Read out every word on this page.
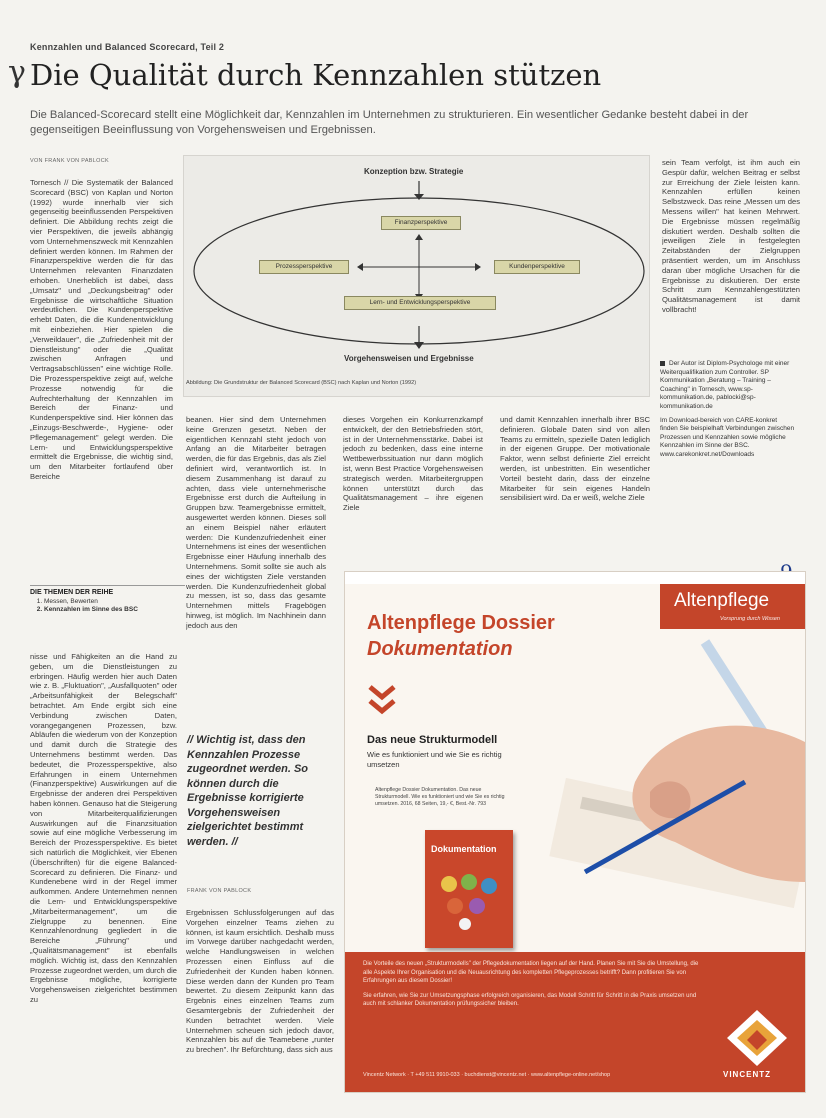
Kennzahlen und Balanced Scorecard, Teil 2
γ Die Qualität durch Kennzahlen stützen
Die Balanced-Scorecard stellt eine Möglichkeit dar, Kennzahlen im Unternehmen zu strukturieren. Ein wesentlicher Gedanke besteht dabei in der gegenseitigen Beeinflussung von Vorgehensweisen und Ergebnissen.
VON FRANK VON PABLOCK
Tornesch // Die Systematik der Balanced Scorecard (BSC) von Kaplan und Norton (1992) wurde innerhalb vier sich gegenseitig beeinflussenden Perspektiven definiert. Die Abbildung rechts zeigt die vier Perspektiven, die jeweils abhängig vom Unternehmenszweck mit Kennzahlen definiert werden können. Im Rahmen der Finanzperspektive werden die für das Unternehmen relevanten Finanzdaten erhoben. Unerheblich ist dabei, dass „Umsatz" und „Deckungsbeitrag" oder Ergebnisse die wirtschaftliche Situation verdeutlichen. Die Kundenperspektive erhebt Daten, die die Kundenentwicklung mit einbeziehen. Hier spielen die „Verweildauer", die „Zufriedenheit mit der Dienstleistung" oder die „Qualität zwischen Anfragen und Vertragsabschlüssen" eine wichtige Rolle. Die Prozessperspektive zeigt auf, welche Prozesse notwendig für die Aufrechterhaltung der Kennzahlen im Bereich der Finanz- und Kundenperspektive sind. Hier können das „Einzugs-Beschwerde-, Hygiene- oder Pflegemanagement" gelegt werden. Die Lern- und Entwicklungsperspektive ermittelt die Ergebnisse, die wichtig sind, um den Mitarbeiter fortlaufend über Bereiche
Konzeption bzw. Strategie
Finanzperspektive
Prozessperspektive	Kundenperspektive
Lern- und Entwicklungsperspektive
Vorgehensweisen und Ergebnisse
Abbildung: Die Grundstruktur der Balanced Scorecard (BSC) nach Kaplan und Norton (1992)
beanen. Hier sind dem Unternehmen keine Grenzen gesetzt. Neben der eigentlichen Kennzahl steht jedoch von Anfang an die Mitarbeiter betragen werden, die für das Ergebnis, das als Ziel definiert wird, verantwortlich ist. In diesem Zusammenhang ist darauf zu achten, dass viele unternehmerische Ergebnisse erst durch die Aufteilung in Gruppen bzw. Teamergebnisse ermittelt, ausgewertet werden können. Dieses soll an einem Beispiel näher erläutert werden: Die Kundenzufriedenheit einer Unternehmens ist eines der wesentlichen Ergebnisse einer Häufung innerhalb des Unternehmens. Somit sollte sie auch als eines der wichtigsten Ziele verstanden werden. Die Kundenzufriedenheit global zu messen, ist so, dass das gesamte Unternehmen mittels Fragebögen hinweg, ist möglich. Im Nachhinein dann jedoch aus den
dieses Vorgehen ein Konkurrenzkampf entwickelt, der den Betriebsfrieden stört, ist in der Unternehmensstärke. Dabei ist jedoch zu bedenken, dass eine interne Wettbewerbssituation nur dann möglich ist, wenn Best Practice Vorgehensweisen strategisch werden. Mitarbeitergruppen können unterstützt durch das Qualitätsmanagement – ihre eigenen Ziele
und damit Kennzahlen innerhalb ihrer BSC definieren. Globale Daten sind von allen Teams zu ermitteln, spezielle Daten lediglich in der eigenen Gruppe. Der motivationale Faktor, wenn selbst definierte Ziel erreicht werden, ist unbestritten. Ein wesentlicher Vorteil besteht darin, dass der einzelne Mitarbeiter für sein eigenes Handeln sensibilisiert wird. Da er weiß, welche Ziele
sein Team verfolgt, ist ihm auch ein Gespür dafür, welchen Beitrag er selbst zur Erreichung der Ziele leisten kann. Kennzahlen erfüllen keinen Selbstzweck. Das reine „Messen um des Messens willen" hat keinen Mehrwert. Die Ergebnisse müssen regelmäßig diskutiert werden. Deshalb sollten die jeweiligen Ziele in festgelegten Zeitabständen der Zielgruppen präsentiert werden, um im Anschluss daran über mögliche Ursachen für die Ergebnisse zu diskutieren. Der erste Schritt zum Kennzahlengestützten Qualitätsmanagement ist damit vollbracht!

Der Autor ist Diplom-Psychologe mit einer Weiterqualifikation zum Controller. SP Kommunikation „Beratung – Training – Coaching" in Tornesch, www.sp-kommunikation.de, pablocki@sp-kommunikation.de

Im Download-bereich von CARE-konkret finden Sie beispielhaft Verbindungen zwischen Prozessen und Kennzahlen sowie mögliche Kennzahlen im Sinne der BSC. www.carekonkret.net/Downloads

DIE THEMEN DER REIHE
1. Messen, Bewerten
2. Kennzahlen im Sinne des BSC
nisse und Fähigkeiten an die Hand zu geben, um die Dienstleistungen zu erbringen. Häufig werden hier auch Daten wie z. B. „Fluktuation", „Ausfallquoten" oder „Arbeitsunfähigkeit der Belegschaft" betrachtet. Am Ende ergibt sich eine Verbindung zwischen Daten, vorangegangenen Prozessen, bzw. Abläufen die wiederum von der Konzeption und damit durch die Strategie des Unternehmens bestimmt werden. Das bedeutet, die Prozessperspektive, also Erfahrungen in einem Unternehmen (Finanzperspektive) Auswirkungen auf die Ergebnisse der anderen drei Perspektiven haben können. Genauso hat die Steigerung von Mitarbeiterqualifizierungen Auswirkungen auf die Finanzsituation sowie auf eine mögliche Verbesserung im Bereich der Prozessperspektive. Es bietet sich natürlich die Möglichkeit, vier Ebenen (Überschriften) für die eigene Balanced-Scorecard zu definieren. Die Finanz- und Kundenebene wird in der Regel immer aufkommen. Andere Unternehmen nennen die Lern- und Entwicklungsperspektive „Mitarbeitermanagement", um die Zielgruppe zu benennen. Eine Kennzahlenordnung gegliedert in die Bereiche „Führung" und „Qualitätsmanagement" ist ebenfalls möglich. Wichtig ist, dass den Kennzahlen Prozesse zugeordnet werden, um durch die Ergebnisse mögliche, korrigierte Vorgehensweisen zielgerichtet bestimmen zu
// Wichtig ist, dass den Kennzahlen Prozesse zugeordnet werden. So können durch die Ergebnisse korrigierte Vorgehensweisen zielgerichtet bestimmt werden. //
FRANK VON PABLOCK
Ergebnissen Schlussfolgerungen auf das Vorgehen einzelner Teams ziehen zu können, ist kaum ersichtlich. Deshalb muss im Vorwege darüber nachgedacht werden, welche Handlungsweisen in welchen Prozessen einen Einfluss auf die Zufriedenheit der Kunden haben können. Diese werden dann der Kunden pro Team bewertet. Zu diesem Zeitpunkt kann das Ergebnis eines einzelnen Teams zum Gesamtergebnis der Zufriedenheit der Kunden betrachtet werden. Viele Unternehmen scheuen sich jedoch davor, Kennzahlen bis auf die Teamebene „runter zu brechen". Ihr Befürchtung, dass sich aus
Altenpflege
Vorsprung durch Wissen
Altenpflege Dossier
Dokumentation
Das neue Strukturmodell
Wie es funktioniert und wie Sie es richtig umsetzen
Altenpflege Dossier Dokumentation. Das neue Strukturmodell. Wie es funktioniert und wie Sie es richtig umsetzen. 2016, 68 Seiten, 19,- €, Best.-Nr. 793
Dokumentation

Die Vorteile des neuen „Strukturmodells" der Pflegedokumentation liegen auf der Hand. Planen Sie mit Sie die Umstellung, die alle Aspekte Ihrer Organisation und die Neuausrichtung des kompletten Pflegeprozesses betrifft? Dann profitieren Sie von Erfahrungen aus diesem Dossier!

Sie erfahren, wie Sie zur Umsetzungsphase erfolgreich organisieren, das Modell Schritt für Schritt in die Praxis umsetzen und auch mit schlanker Dokumentation prüfungssicher bleiben.

Vincentz Network · T +49 511 9910-033 · buchdienst@vincentz.net · www.altenpflege-online.net/shop	VINCENTZ
